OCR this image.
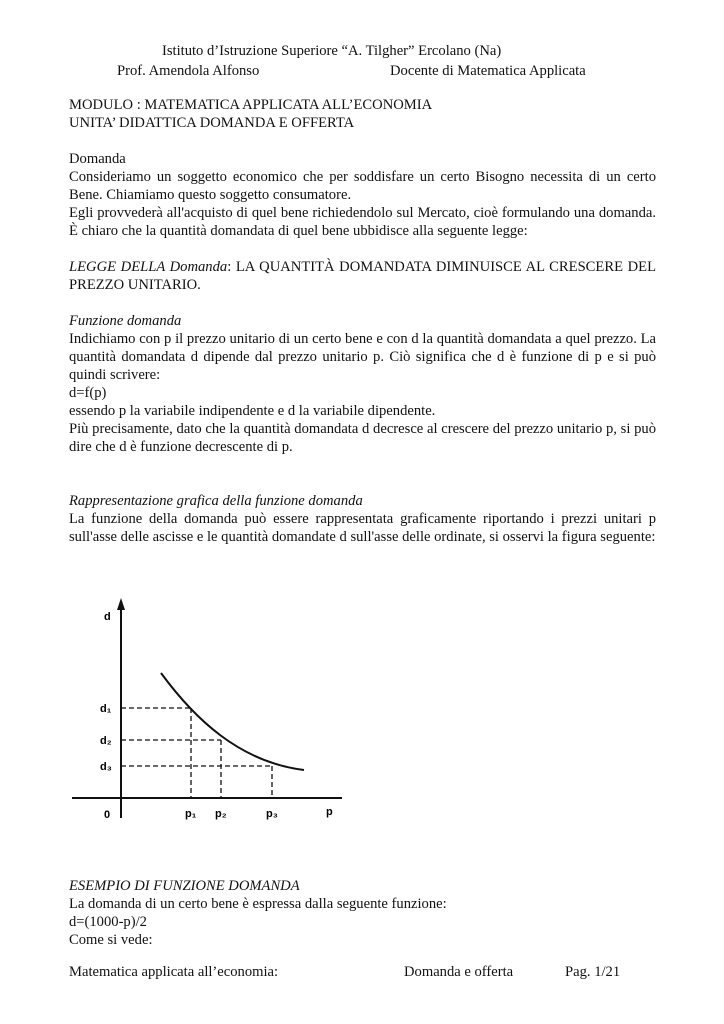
Istituto d’Istruzione Superiore “A. Tilgher” Ercolano (Na)
Prof. Amendola Alfonso	Docente di Matematica Applicata

MODULO : MATEMATICA APPLICATA ALL’ECONOMIA

UNITA’ DIDATTICA DOMANDA E OFFERTA

Domanda

Consideriamo un soggetto economico che per soddisfare un certo Bisogno necessita di un certo Bene. Chiamiamo questo soggetto consumatore.

Egli provvederà all'acquisto di quel bene richiedendolo sul Mercato, cioè formulando una domanda. È chiaro che la quantità domandata di quel bene ubbidisce alla seguente legge:

LEGGE DELLA Domanda: LA QUANTITÀ DOMANDATA DIMINUISCE AL CRESCERE DEL PREZZO UNITARIO.

Funzione domanda

Indichiamo con p il prezzo unitario di un certo bene e con d la quantità domandata a quel prezzo. La quantità domandata d dipende dal prezzo unitario p. Ciò significa che d è funzione di p e si può quindi scrivere:

d=f(p)

essendo p la variabile indipendente e d la variabile dipendente.

Più precisamente, dato che la quantità domandata d decresce al crescere del prezzo unitario p, si può dire che d è funzione decrescente di p.

Rappresentazione grafica della funzione domanda

La funzione della domanda può essere rappresentata graficamente riportando i prezzi unitari p sull'asse delle ascisse e le quantità domandate d sull'asse delle ordinate, si osservi la figura seguente:

d
p
0
d₁
d₂
d₃
p₁ p₂	p₃

ESEMPIO DI FUNZIONE DOMANDA

La domanda di un certo bene è espressa dalla seguente funzione:

d=(1000-p)/2

Come si vede:

Matematica applicata all’economia:	Domanda e offerta	Pag. 1/21
